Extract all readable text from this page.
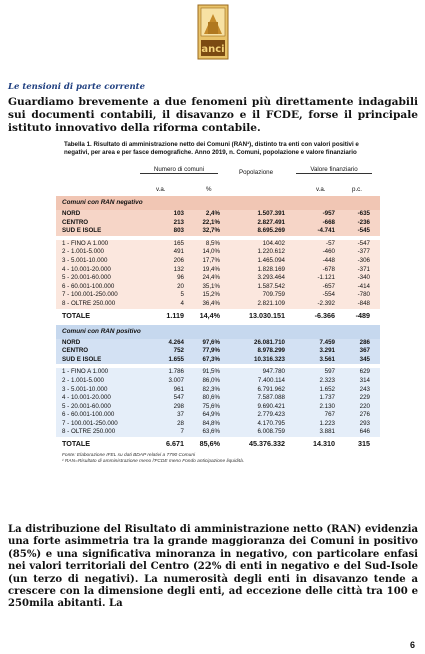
anci
Le tensioni di parte corrente
Guardiamo brevemente a due fenomeni più direttamente indagabili sui documenti contabili, il disavanzo e il FCDE, forse il principale istituto innovativo della riforma contabile.
Tabella 1. Risultato di amministrazione netto dei Comuni (RAN¹), distinto tra enti con valori positivi e negativi, per area e per fasce demografiche. Anno 2019, n. Comuni, popolazione e valore finanziario
Numero di comuni	Popolazione	Valore finanziario
v.a.	%	v.a.	p.c.
Comuni con RAN negativo
NORD	103	2,4%	1.507.391	-957	-635
CENTRO	213	22,1%	2.827.491	-668	-236
SUD E ISOLE	803	32,7%	8.695.269	-4.741	-545
1 - FINO A 1.000	165	8,5%	104.402	-57	-547
2 - 1.001-5.000	491	14,0%	1.220.612	-460	-377
3 - 5.001-10.000	206	17,7%	1.465.094	-448	-306
4 - 10.001-20.000	132	19,4%	1.828.169	-678	-371
5 - 20.001-60.000	96	24,4%	3.293.464	-1.121	-340
6 - 60.001-100.000	20	35,1%	1.587.542	-657	-414
7 - 100.001-250.000	5	15,2%	709.759	-554	-780
8 - OLTRE 250.000	4	36,4%	2.821.109	-2.392	-848
TOTALE	1.119	14,4%	13.030.151	-6.366	-489
Comuni con RAN positivo
NORD	4.264	97,6%	26.081.710	7.459	286
CENTRO	752	77,9%	8.978.299	3.291	367
SUD E ISOLE	1.655	67,3%	10.316.323	3.561	345
1 - FINO A 1.000	1.786	91,5%	947.780	597	629
2 - 1.001-5.000	3.007	86,0%	7.400.114	2.323	314
3 - 5.001-10.000	961	82,3%	6.791.962	1.652	243
4 - 10.001-20.000	547	80,6%	7.587.088	1.737	229
5 - 20.001-60.000	298	75,6%	9.690.421	2.130	220
6 - 60.001-100.000	37	64,9%	2.779.423	767	276
7 - 100.001-250.000	28	84,8%	4.170.795	1.223	293
8 - OLTRE 250.000	7	63,6%	6.008.759	3.881	646
TOTALE	6.671	85,6%	45.376.332	14.310	315
Fonte: Elaborazione IFEL su dati BDAP relativi a 7790 Comuni
¹ RAN=Risultato di amministrazione meno l'FCDE meno Fondo anticipazione liquidità.
La distribuzione del Risultato di amministrazione netto (RAN) evidenzia una forte asimmetria tra la grande maggioranza dei Comuni in positivo (85%) e una significativa minoranza in negativo, con particolare enfasi nei valori territoriali del Centro (22% di enti in negativo e del Sud-Isole (un terzo di negativi). La numerosità degli enti in disavanzo tende a crescere con la dimensione degli enti, ad eccezione delle città tra 100 e 250mila abitanti. La
6
